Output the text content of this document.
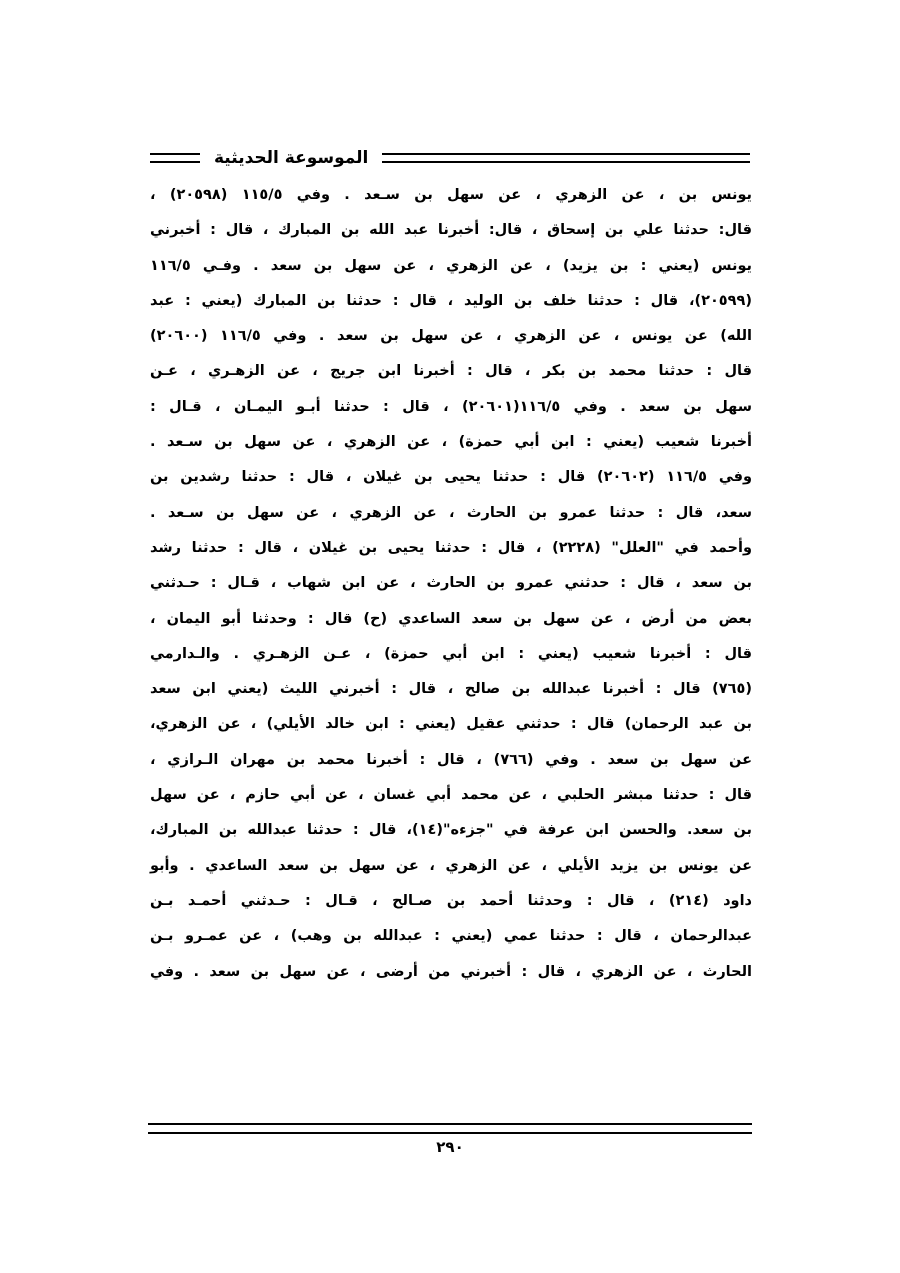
الموسوعة الحديثية
يونس بن ، عن الزهري ، عن سهل بن سـعد . وفي ١١٥/٥ (٢٠٥٩٨) ،
قال: حدثنا علي بن إسحاق ، قال: أخبرنا عبد الله بن المبارك ، قال : أخبرني
يونس (يعني : بن يزيد) ، عن الزهري ، عن سهل بن سعد . وفـي ١١٦/٥
(٢٠٥٩٩)، قال : حدثنا خلف بن الوليد ، قال : حدثنا بن المبارك (يعني : عبد
الله) عن يونس ، عن الزهري ، عن سهل بن سعد . وفي ١١٦/٥ (٢٠٦٠٠)
قال : حدثنا محمد بن بكر ، قال : أخبرنا ابن جريج ، عن الزهـري ، عـن
سهل بن سعد . وفي ١١٦/٥(٢٠٦٠١) ، قال : حدثنا أبـو اليمـان ، قـال :
أخبرنا شعيب (يعني : ابن أبي حمزة) ، عن الزهري ، عن سهل بن سـعد .
وفي ١١٦/٥ (٢٠٦٠٢) قال : حدثنا يحيى بن غيلان ، قال : حدثنا رشدين بن
سعد، قال : حدثنا عمرو بن الحارث ، عن الزهري ، عن سهل بن سـعد .
وأحمد في "العلل" (٢٢٢٨) ، قال : حدثنا يحيى بن غيلان ، قال : حدثنا رشد
بن سعد ، قال : حدثني عمرو بن الحارث ، عن ابن شهاب ، قـال : حـدثني
بعض من أرض ، عن سهل بن سعد الساعدي (ح) قال : وحدثنا أبو اليمان ،
قال : أخبرنا شعيب (يعني : ابن أبي حمزة) ، عـن الزهـري . والـدارمي
(٧٦٥) قال : أخبرنا عبدالله بن صالح ، قال : أخبرني الليث (يعني ابن سعد
بن عبد الرحمان) قال : حدثني عقيل (يعني : ابن خالد الأيلي) ، عن الزهري،
عن سهل بن سعد . وفي (٧٦٦) ، قال : أخبرنا محمد بن مهران الـرازي ،
قال : حدثنا مبشر الحلبي ، عن محمد أبي غسان ، عن أبي حازم ، عن سهل
بن سعد. والحسن ابن عرفة في "جزءه"(١٤)، قال : حدثنا عبدالله بن المبارك،
عن يونس بن يزيد الأيلي ، عن الزهري ، عن سهل بن سعد الساعدي . وأبو
داود (٢١٤) ، قال : وحدثنا أحمد بن صـالح ، قـال : حـدثني أحمـد بـن
عبدالرحمان ، قال : حدثنا عمي (يعني : عبدالله بن وهب) ، عن عمـرو بـن
الحارث ، عن الزهري ، قال : أخبرني من أرضى ، عن سهل بن سعد . وفي
٢٩٠
